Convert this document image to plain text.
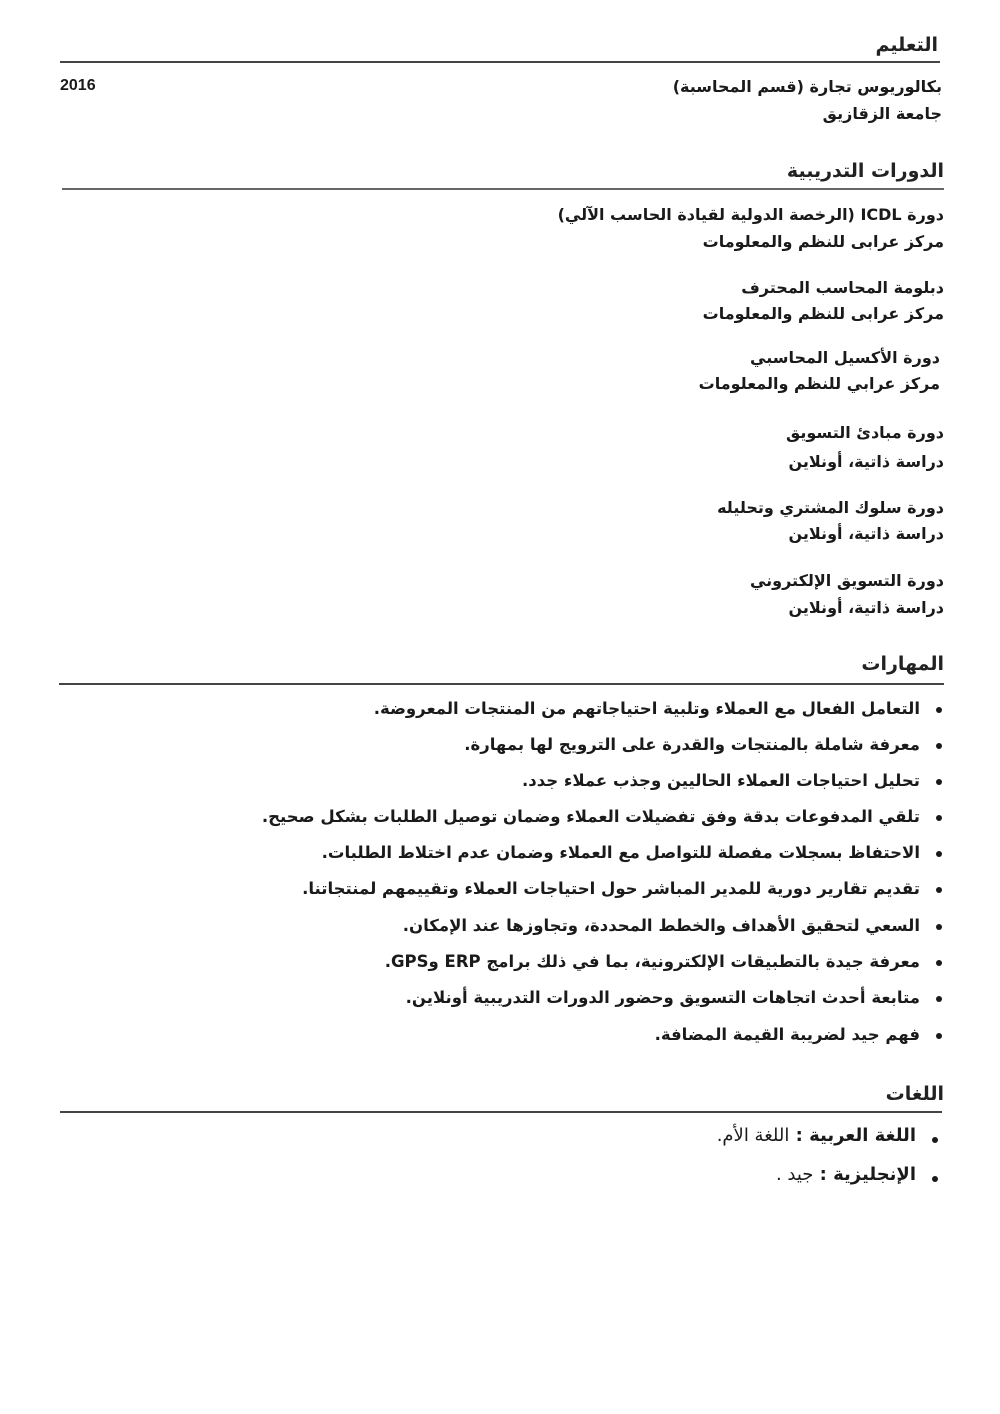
التعليم
بكالوريوس تجارة (قسم المحاسبة)
جامعة الزقازيق
2016
الدورات التدريبية
دورة ICDL (الرخصة الدولية لقيادة الحاسب الآلي)
مركز عرابى للنظم والمعلومات
دبلومة المحاسب المحترف
مركز عرابى للنظم والمعلومات
دورة الأكسيل المحاسبي
مركز عرابي للنظم والمعلومات
دورة مبادئ التسويق
دراسة ذاتية، أونلاين
دورة سلوك المشتري وتحليله
دراسة ذاتية، أونلاين
دورة التسويق الإلكتروني
دراسة ذاتية، أونلاين
المهارات
التعامل الفعال مع العملاء وتلبية احتياجاتهم من المنتجات المعروضة.
معرفة شاملة بالمنتجات والقدرة على الترويج لها بمهارة.
تحليل احتياجات العملاء الحاليين وجذب عملاء جدد.
تلقي المدفوعات بدقة وفق تفضيلات العملاء وضمان توصيل الطلبات بشكل صحيح.
الاحتفاظ بسجلات مفصلة للتواصل مع العملاء وضمان عدم اختلاط الطلبات.
تقديم تقارير دورية للمدير المباشر حول احتياجات العملاء وتقييمهم لمنتجاتنا.
السعي لتحقيق الأهداف والخطط المحددة، وتجاوزها عند الإمكان.
معرفة جيدة بالتطبيقات الإلكترونية، بما في ذلك برامج ERP وGPS.
متابعة أحدث اتجاهات التسويق وحضور الدورات التدريبية أونلاين.
فهم جيد لضريبة القيمة المضافة.
اللغات
اللغة العربية : اللغة الأم.
الإنجليزية : جيد .
